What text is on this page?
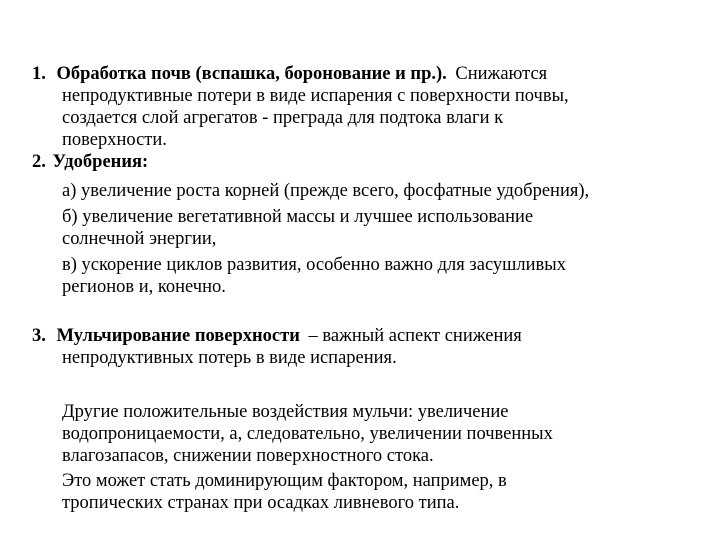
1. Обработка почв (вспашка, боронование и пр.). Снижаются
непродуктивные потери в виде испарения с поверхности почвы,
создается слой агрегатов - преграда для подтока влаги к
поверхности.
2. Удобрения:
а) увеличение роста корней (прежде всего, фосфатные удобрения),
б) увеличение вегетативной массы и лучшее использование
солнечной энергии,
в) ускорение циклов развития, особенно важно для засушливых
регионов и, конечно.
3. Мульчирование поверхности – важный аспект снижения
непродуктивных потерь в виде испарения.
Другие положительные воздействия мульчи: увеличение
водопроницаемости, а, следовательно, увеличении почвенных
влагозапасов, снижении поверхностного стока.
Это может стать доминирующим фактором, например, в
тропических странах при осадках ливневого типа.
